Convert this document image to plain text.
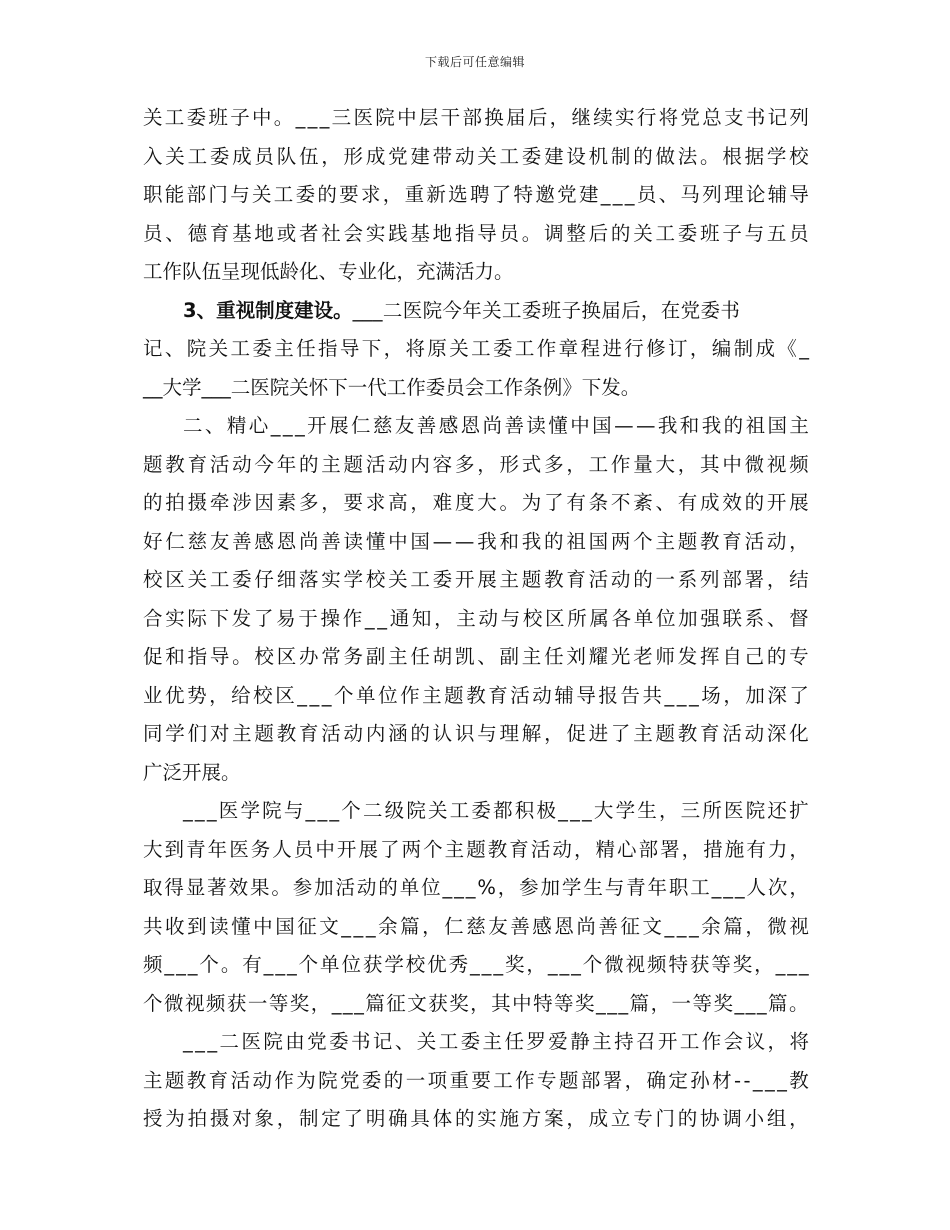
下载后可任意编辑
关 工 委 班 子 中 。 _ _ _ 三 医 院 中 层 干 部 换 届 后 ， 继 续 实 行 将 党 总 支 书 记 列
入 关 工 委 成 员 队 伍 ， 形 成 党 建 带 动 关 工 委 建 设 机 制 的 做 法 。 根 据 学 校
职 能 部 门 与 关 工 委 的 要 求 ， 重 新 选 聘 了 特 邀 党 建 _ _ _ 员 、 马 列 理 论 辅 导
员 、 德 育 基 地 或 者 社 会 实 践 基 地 指 导 员 。 调 整 后 的 关 工 委 班 子 与 五 员
工作队伍呈现低龄化、专业化，充满活力。
3、重视制度建设。 ___二医院今年关工委班子换届后，在党委书
记 、 院 关 工 委 主 任 指 导 下 ， 将 原 关 工 委 工 作 章 程 进 行 修 订 ， 编 制 成 《 _
__大学___二医院关怀下一代工作委员会工作条例》下发。
二 、 精 心 _ _ _ 开 展 仁 慈 友 善 感 恩 尚 善 读 懂 中 国 — — 我 和 我 的 祖 国 主
题 教 育 活 动 今 年 的 主 题 活 动 内 容 多 ， 形 式 多 ， 工 作 量 大 ， 其 中 微 视 频
的 拍 摄 牵 涉 因 素 多 ， 要 求 高 ， 难 度 大 。 为 了 有 条 不 紊 、 有 成 效 的 开 展
好 仁 慈 友 善 感 恩 尚 善 读 懂 中 国 — — 我 和 我 的 祖 国 两 个 主 题 教 育 活 动 ，
校 区 关 工 委 仔 细 落 实 学 校 关 工 委 开 展 主 题 教 育 活 动 的 一 系 列 部 署 ， 结
合 实 际 下 发 了 易 于 操 作 _ _ 通 知 ， 主 动 与 校 区 所 属 各 单 位 加 强 联 系 、 督
促 和 指 导 。 校 区 办 常 务 副 主 任 胡 凯 、 副 主 任 刘 耀 光 老 师 发 挥 自 己 的 专
业 优 势 ， 给 校 区 _ _ _ 个 单 位 作 主 题 教 育 活 动 辅 导 报 告 共 _ _ _ 场 ， 加 深 了
同 学 们 对 主 题 教 育 活 动 内 涵 的 认 识 与 理 解 ， 促 进 了 主 题 教 育 活 动 深 化
广泛开展。
_ _ _ 医 学 院 与 _ _ _ 个 二 级 院 关 工 委 都 积 极 _ _ _ 大 学 生 ， 三 所 医 院 还 扩
大 到 青 年 医 务 人 员 中 开 展 了 两 个 主 题 教 育 活 动 ， 精 心 部 署 ， 措 施 有 力 ，
取 得 显 著 效 果 。 参 加 活 动 的 单 位 _ _ _ % ， 参 加 学 生 与 青 年 职 工 _ _ _ 人 次 ，
共 收 到 读 懂 中 国 征 文 _ _ _ 余 篇 ， 仁 慈 友 善 感 恩 尚 善 征 文 _ _ _ 余 篇 ， 微 视
频 _ _ _ 个 。 有 _ _ _ 个 单 位 获 学 校 优 秀 _ _ _ 奖 ， _ _ _ 个 微 视 频 特 获 等 奖 ， _ _ _
个 微 视 频 获 一 等 奖 ， _ _ _ 篇 征 文 获 奖 ， 其 中 特 等 奖 _ _ _ 篇 ， 一 等 奖 _ _ _ 篇 。
_ _ _ 二 医 院 由 党 委 书 记 、 关 工 委 主 任 罗 爱 静 主 持 召 开 工 作 会 议 ， 将
主 题 教 育 活 动 作 为 院 党 委 的 一 项 重 要 工 作 专 题 部 署 ， 确 定 孙 材 - - _ _ _ 教
授 为 拍 摄 对 象 ， 制 定 了 明 确 具 体 的 实 施 方 案 ， 成 立 专 门 的 协 调 小 组 ，
